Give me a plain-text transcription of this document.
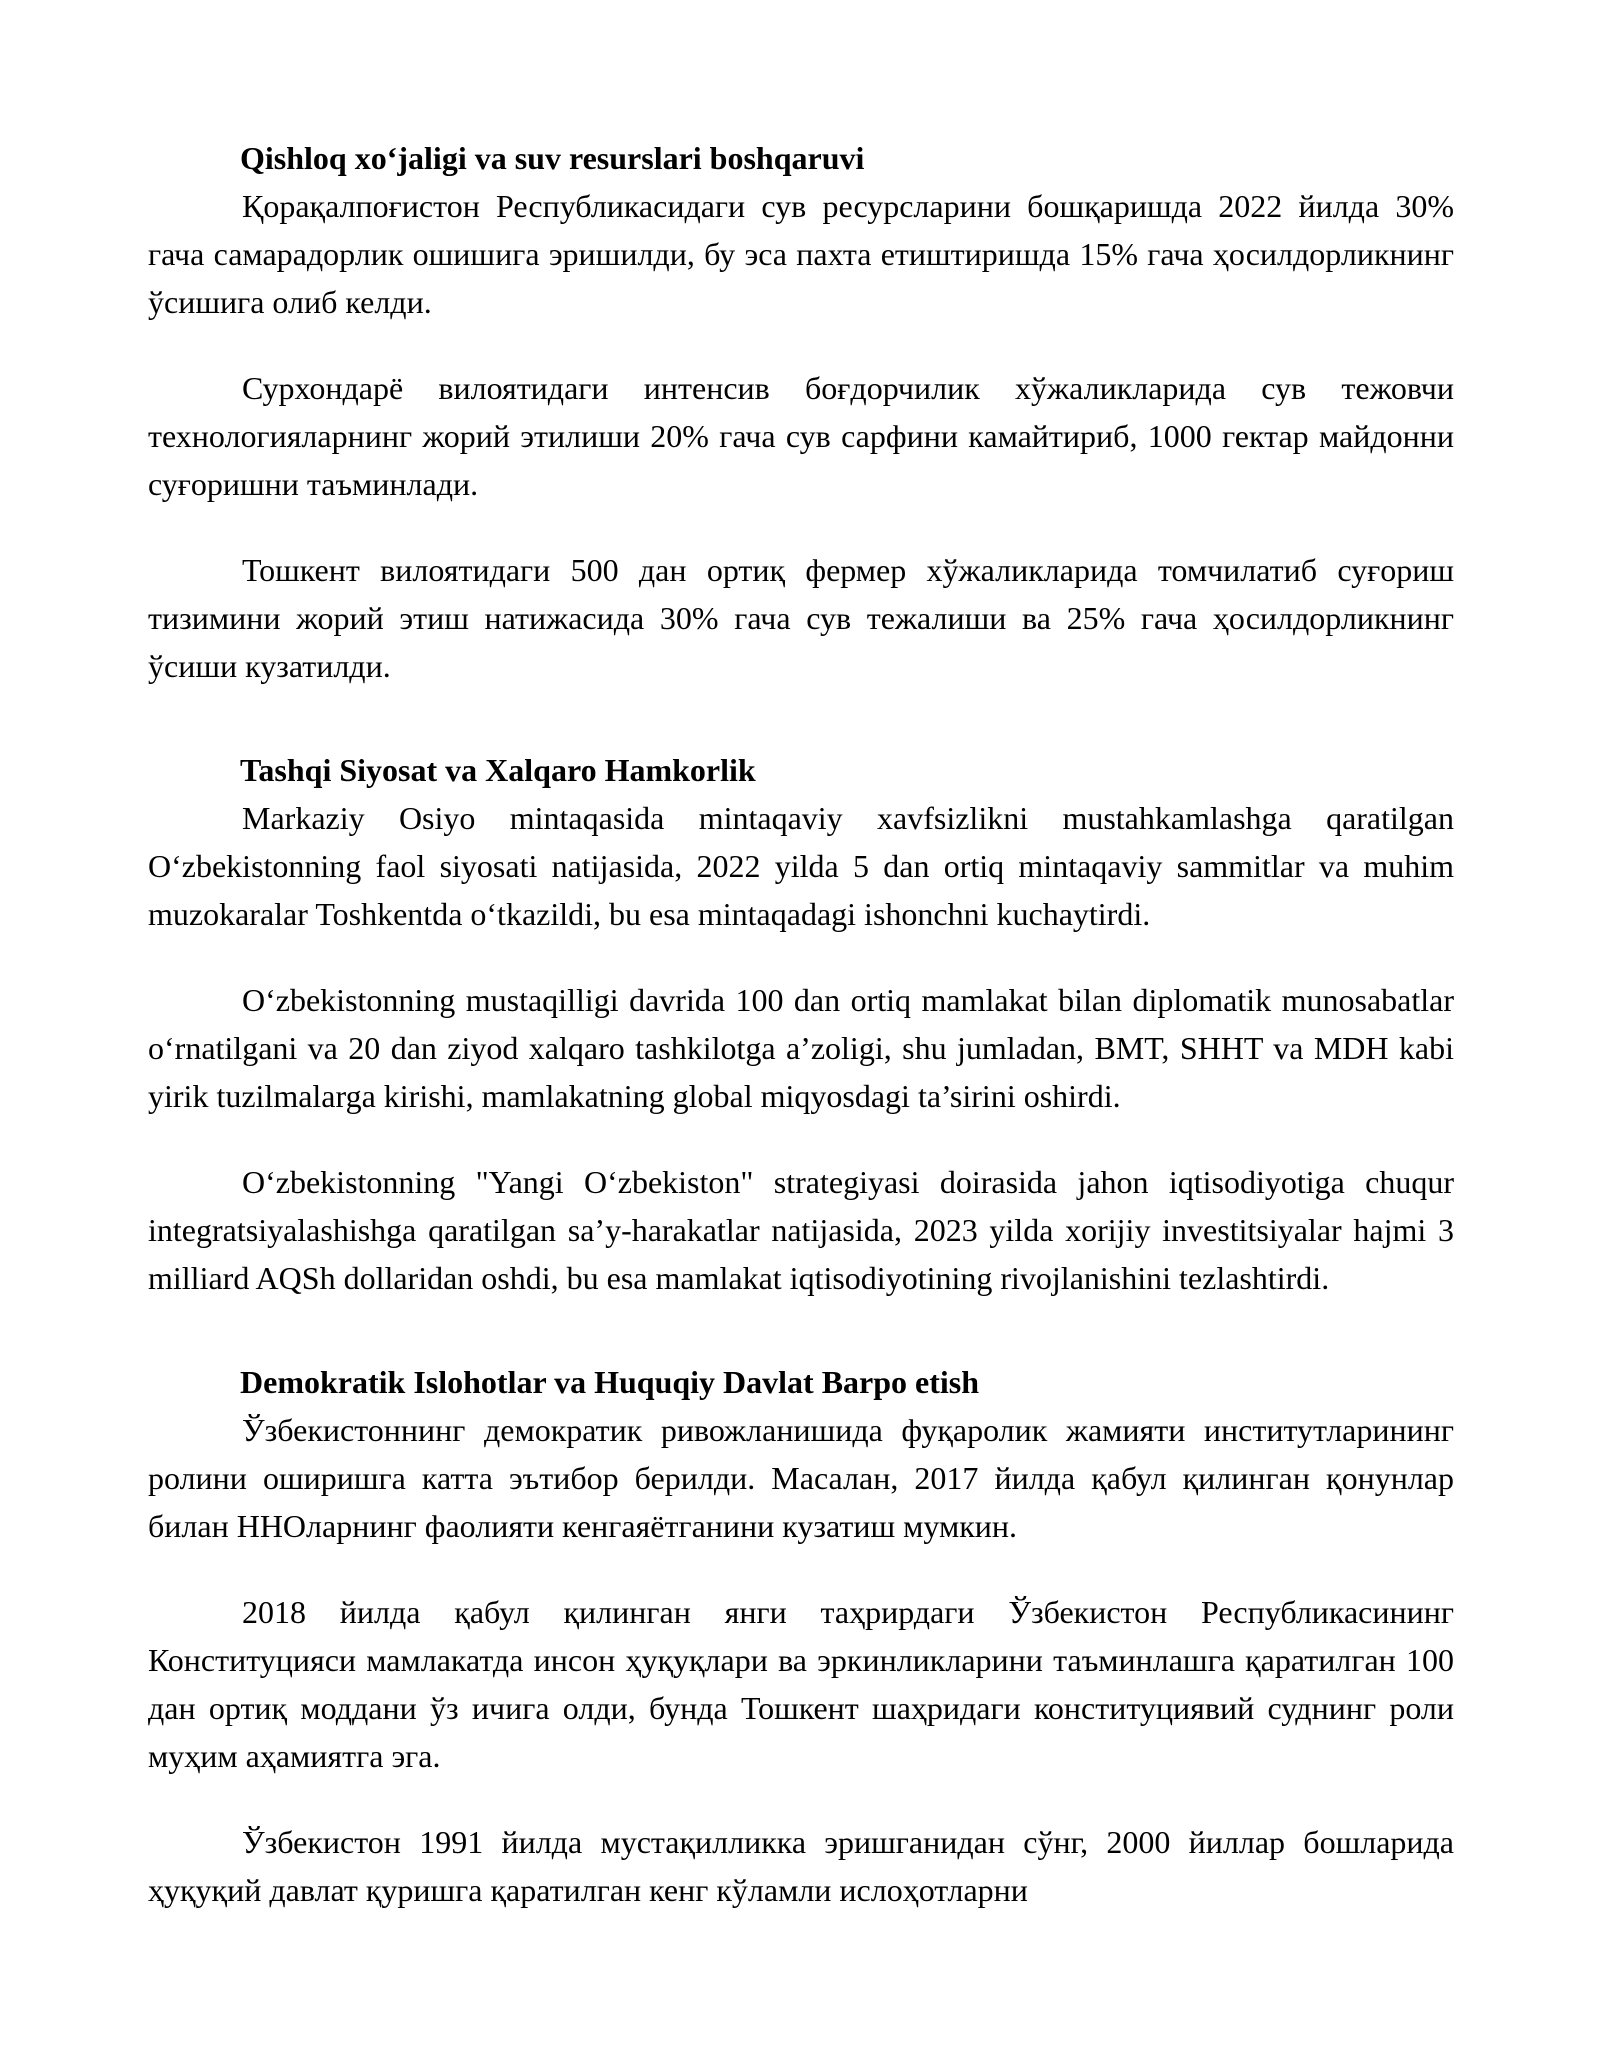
Qishloq xo‘jaligi va suv resurslari boshqaruvi

Қорақалпоғистон Республикасидаги сув ресурсларини бошқаришда 2022 йилда 30% гача самарадорлик ошишига эришилди, бу эса пахта етиштиришда 15% гача ҳосилдорликнинг ўсишига олиб келди.

Сурхондарё вилоятидаги интенсив боғдорчилик хўжаликларида сув тежовчи технологияларнинг жорий этилиши 20% гача сув сарфини камайтириб, 1000 гектар майдонни суғоришни таъминлади.

Тошкент вилоятидаги 500 дан ортиқ фермер хўжаликларида томчилатиб суғориш тизимини жорий этиш натижасида 30% гача сув тежалиши ва 25% гача ҳосилдорликнинг ўсиши кузатилди.

Tashqi Siyosat va Xalqaro Hamkorlik

Markaziy Osiyo mintaqasida mintaqaviy xavfsizlikni mustahkamlashga qaratilgan O‘zbekistonning faol siyosati natijasida, 2022 yilda 5 dan ortiq mintaqaviy sammitlar va muhim muzokaralar Toshkentda o‘tkazildi, bu esa mintaqadagi ishonchni kuchaytirdi.

O‘zbekistonning mustaqilligi davrida 100 dan ortiq mamlakat bilan diplomatik munosabatlar o‘rnatilgani va 20 dan ziyod xalqaro tashkilotga a’zoligi, shu jumladan, BMT, SHHT va MDH kabi yirik tuzilmalarga kirishi, mamlakatning global miqyosdagi ta’sirini oshirdi.

O‘zbekistonning "Yangi O‘zbekiston" strategiyasi doirasida jahon iqtisodiyotiga chuqur integratsiyalashishga qaratilgan sa’y-harakatlar natijasida, 2023 yilda xorijiy investitsiyalar hajmi 3 milliard AQSh dollaridan oshdi, bu esa mamlakat iqtisodiyotining rivojlanishini tezlashtirdi.

Demokratik Islohotlar va Huquqiy Davlat Barpo etish

Ўзбекистоннинг демократик ривожланишида фуқаролик жамияти институтларининг ролини оширишга катта эътибор берилди. Масалан, 2017 йилда қабул қилинган қонунлар билан ННОларнинг фаолияти кенгаяётганини кузатиш мумкин.

2018 йилда қабул қилинган янги таҳрирдаги Ўзбекистон Республикасининг Конституцияси мамлакатда инсон ҳуқуқлари ва эркинликларини таъминлашга қаратилган 100 дан ортиқ моддани ўз ичига олди, бунда Тошкент шаҳридаги конституциявий суднинг роли муҳим аҳамиятга эга.

Ўзбекистон 1991 йилда мустақилликка эришганидан сўнг, 2000 йиллар бошларида ҳуқуқий давлат қуришга қаратилган кенг кўламли ислоҳотларни
